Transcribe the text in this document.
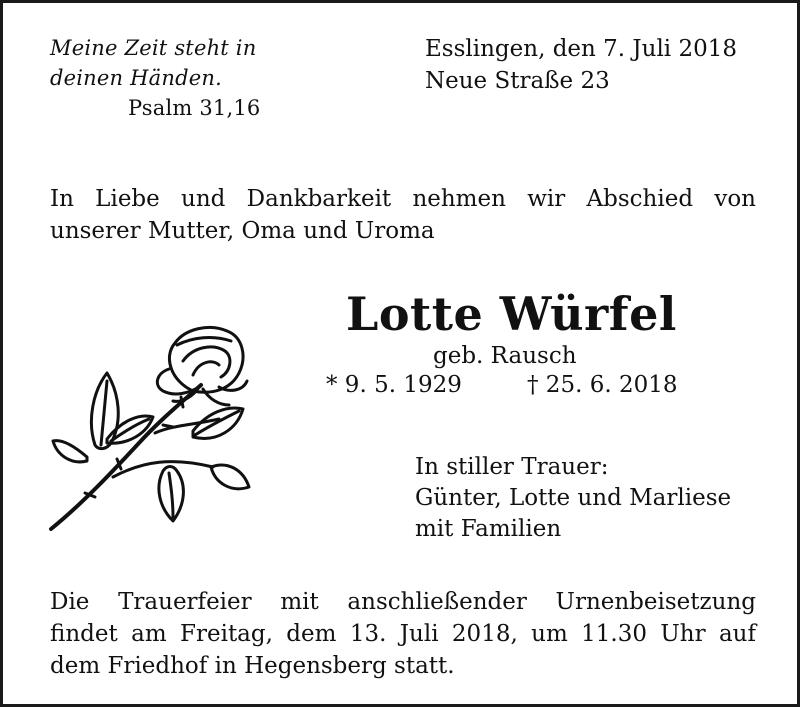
Meine Zeit steht in
deinen Händen.
Psalm 31,16
Esslingen, den 7. Juli 2018
Neue Straße 23
In Liebe und Dankbarkeit nehmen wir Abschied von
unserer Mutter, Oma und Uroma
Lotte Würfel
geb. Rausch
* 9. 5. 1929	† 25. 6. 2018
In stiller Trauer:
Günter, Lotte und Marliese
mit Familien
Die Trauerfeier mit anschließender Urnenbeisetzung
findet am Freitag, dem 13. Juli 2018, um 11.30 Uhr auf
dem Friedhof in Hegensberg statt.
